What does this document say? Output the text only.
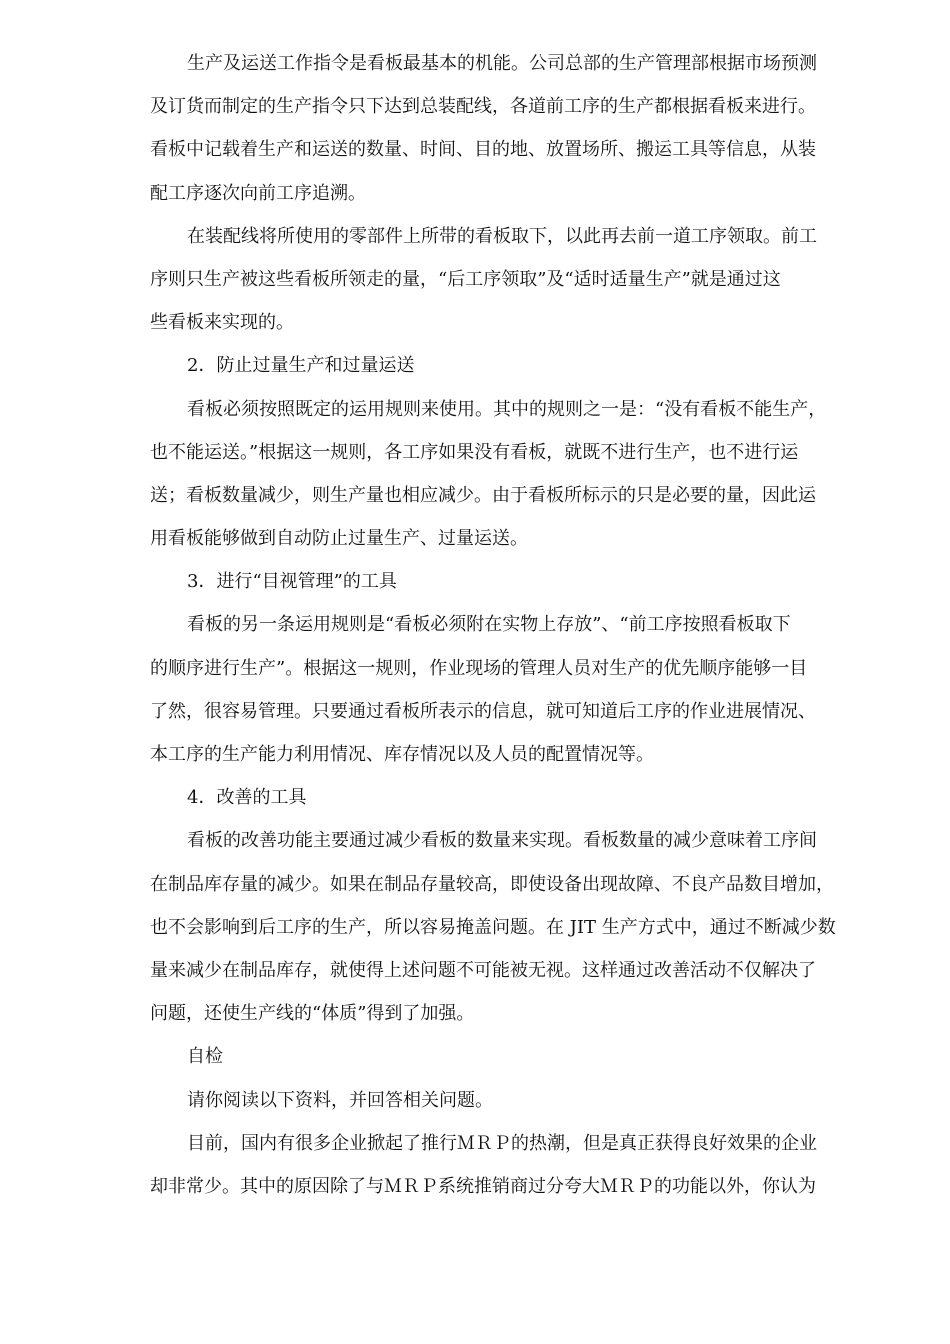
生产及运送工作指令是看板最基本的机能。公司总部的生产管理部根据市场预测
及订货而制定的生产指令只下达到总装配线，各道前工序的生产都根据看板来进行。
看板中记载着生产和运送的数量、时间、目的地、放置场所、搬运工具等信息，从装
配工序逐次向前工序追溯。
在装配线将所使用的零部件上所带的看板取下，以此再去前一道工序领取。前工
序则只生产被这些看板所领走的量，“后工序领取”及“适时适量生产”就是通过这
些看板来实现的。
2．防止过量生产和过量运送
看板必须按照既定的运用规则来使用。其中的规则之一是：“没有看板不能生产，
也不能运送。”根据这一规则，各工序如果没有看板，就既不进行生产，也不进行运
送；看板数量减少，则生产量也相应减少。由于看板所标示的只是必要的量，因此运
用看板能够做到自动防止过量生产、过量运送。
3．进行“目视管理”的工具
看板的另一条运用规则是“看板必须附在实物上存放”、“前工序按照看板取下
的顺序进行生产”。根据这一规则，作业现场的管理人员对生产的优先顺序能够一目
了然，很容易管理。只要通过看板所表示的信息，就可知道后工序的作业进展情况、
本工序的生产能力利用情况、库存情况以及人员的配置情况等。
4．改善的工具
看板的改善功能主要通过减少看板的数量来实现。看板数量的减少意味着工序间
在制品库存量的减少。如果在制品存量较高，即使设备出现故障、不良产品数目增加，
也不会影响到后工序的生产，所以容易掩盖问题。在 JIT 生产方式中，通过不断减少数
量来减少在制品库存，就使得上述问题不可能被无视。这样通过改善活动不仅解决了
问题，还使生产线的“体质”得到了加强。
自检
请你阅读以下资料，并回答相关问题。
目前，国内有很多企业掀起了推行ＭＲＰ的热潮，但是真正获得良好效果的企业
却非常少。其中的原因除了与ＭＲＰ系统推销商过分夸大ＭＲＰ的功能以外，你认为
